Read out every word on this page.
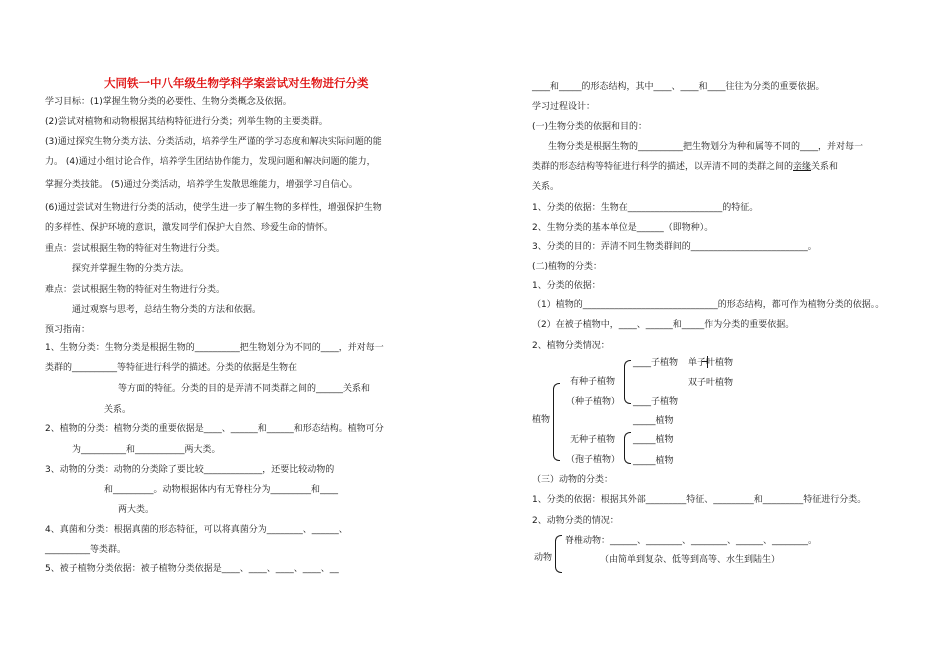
大同铁一中八年级生物学科学案尝试对生物进行分类
学习目标：(1)掌握生物分类的必要性、生物分类概念及依据。
(2)尝试对植物和动物根据其结构特征进行分类；列举生物的主要类群。
(3)通过探究生物分类方法、分类活动，培养学生严谨的学习态度和解决实际问题的能
力。 (4)通过小组讨论合作，培养学生团结协作能力，发现问题和解决问题的能力，
掌握分类技能。 (5)通过分类活动，培养学生发散思维能力，增强学习自信心。
(6)通过尝试对生物进行分类的活动，使学生进一步了解生物的多样性，增强保护生物
的多样性、保护环境的意识，激发同学们保护大自然、珍爱生命的情怀。
重点：尝试根据生物的特征对生物进行分类。
探究并掌握生物的分类方法。
难点：尝试根据生物的特征对生物进行分类。
通过观察与思考，总结生物分类的方法和依据。
预习指南：
1、生物分类：生物分类是根据生物的__________把生物划分为不同的____，并对每一
类群的__________等特征进行科学的描述。分类的依据是生物在
等方面的特征。分类的目的是弄清不同类群之间的______关系和
关系。
2、植物的分类：植物分类的重要依据是____、______和______和形态结构。植物可分
为__________和___________两大类。
3、动物的分类：动物的分类除了要比较_____________，还要比较动物的
和_________。动物根据体内有无脊柱分为_________和____
两大类。
4、真菌和分类：根据真菌的形态特征，可以将真菌分为________、______、
__________等类群。
5、被子植物分类依据：被子植物分类依据是____、____、____、____、__
____和_____的形态结构，其中____、____和____往往为分类的重要依据。
学习过程设计：
(一)生物分类的依据和目的：
生物分类是根据生物的__________把生物划分为种和属等不同的____，并对每一
类群的形态结构等特征进行科学的描述，以弄清不同的类群之间的亲缘关系和
关系。
1、分类的依据：生物在_____________________的特征。
2、生物分类的基本单位是______（即物种）。
3、分类的目的：弄清不同生物类群间的__________________________。
(二)植物的分类：
1、分类的依据：
（1）植物的______________________________的形态结构，都可作为植物分类的依据。。
（2）在被子植物中，____、______和_____作为分类的重要依据。
2、植物分类情况：
植物
有种子植物
（种子植物）
无种子植物
（孢子植物）
____子植物
____子植物
单子叶植物
双子叶植物
_____植物
_____植物
_____植物
（三）动物的分类：
1、分类的依据：根据其外部_________特征、_________和_________特征进行分类。
2、动物分类的情况：
脊椎动物：______、________、________、______、________。
动物	（由简单到复杂、低等到高等、水生到陆生）
